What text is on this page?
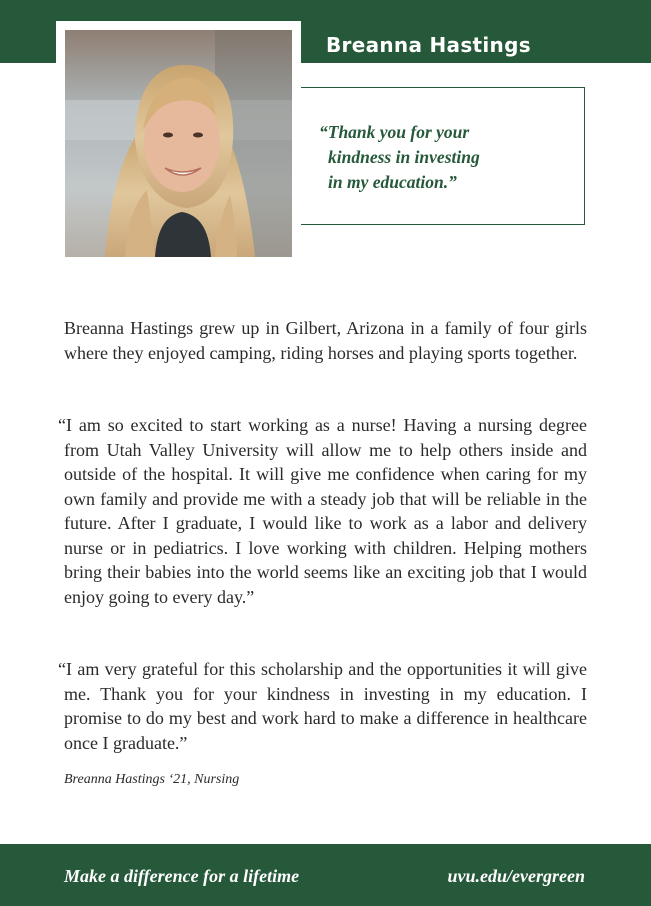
Breanna Hastings

“Thank you for your
kindness in investing
in my education.”

Breanna Hastings grew up in Gilbert, Arizona in a family of four girls where they enjoyed camping, riding horses and playing sports together.

“I am so excited to start working as a nurse! Having a nursing degree from Utah Valley University will allow me to help others inside and outside of the hospital. It will give me confidence when caring for my own family and provide me with a steady job that will be reliable in the future. After I graduate, I would like to work as a labor and delivery nurse or in pediatrics. I love working with children. Helping mothers bring their babies into the world seems like an exciting job that I would enjoy going to every day.”

“I am very grateful for this scholarship and the opportunities it will give me. Thank you for your kindness in investing in my education. I promise to do my best and work hard to make a difference in healthcare once I graduate.”

Breanna Hastings ‘21, Nursing

Make a difference for a lifetime	uvu.edu/evergreen
